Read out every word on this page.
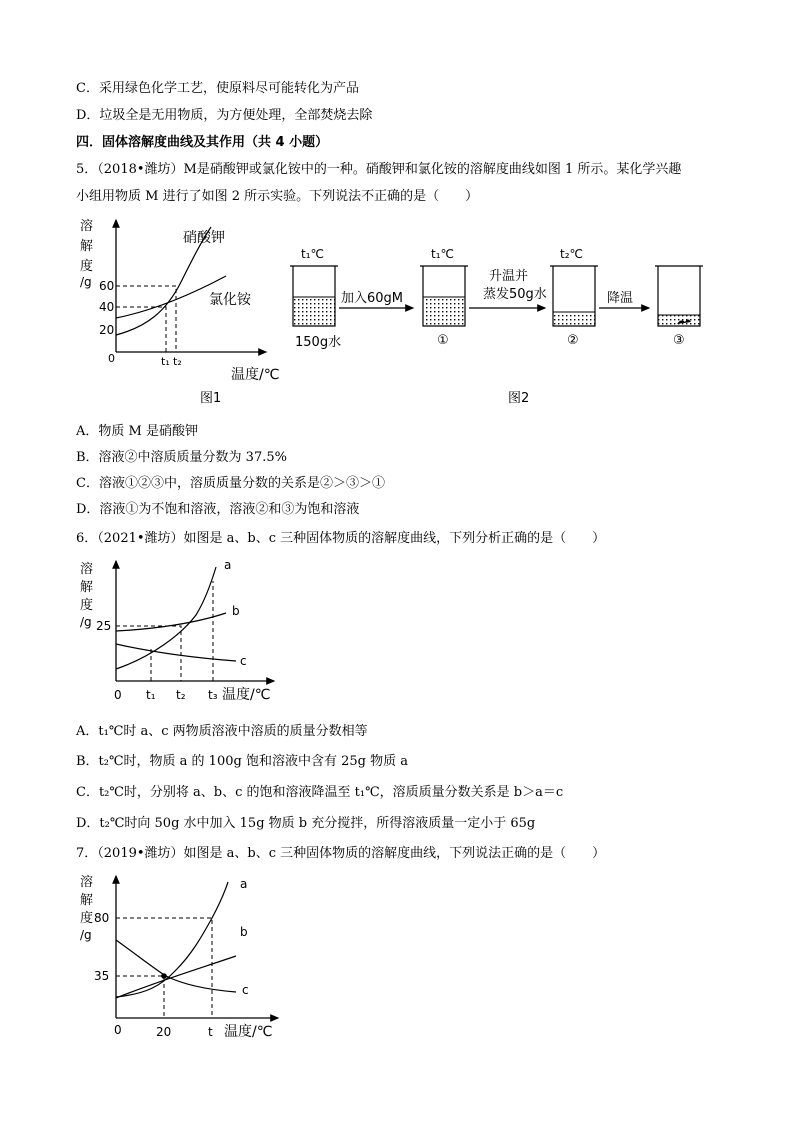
C．采用绿色化学工艺，使原料尽可能转化为产品
D．垃圾全是无用物质，为方便处理，全部焚烧去除
四．固体溶解度曲线及其作用（共 4 小题）
5．（2018•潍坊）M是硝酸钾或氯化铵中的一种。硝酸钾和氯化铵的溶解度曲线如图 1 所示。某化学兴趣
小组用物质 M 进行了如图 2 所示实验。下列说法不正确的是（　　）
溶
解
度
/g
硝酸钾
氯化铵
60
40
20
0	t₁ t₂
温度/℃
图1
t₁℃	t₁℃	t₂℃
加入60gM
升温并
蒸发50g水	降温
150g水	①	②	③
图2
A．物质 M 是硝酸钾
B．溶液②中溶质质量分数为 37.5%
C．溶液①②③中，溶质质量分数的关系是②＞③＞①
D．溶液①为不饱和溶液，溶液②和③为饱和溶液
6．（2021•潍坊）如图是 a、b、c 三种固体物质的溶解度曲线，下列分析正确的是（　　）
溶
解
度
/g
a
b
c
25
0 t₁ t₂ t₃ 温度/℃
A．t₁℃时 a、c 两物质溶液中溶质的质量分数相等
B．t₂℃时，物质 a 的 100g 饱和溶液中含有 25g 物质 a
C．t₂℃时，分别将 a、b、c 的饱和溶液降温至 t₁℃，溶质质量分数关系是 b＞a＝c
D．t₂℃时向 50g 水中加入 15g 物质 b 充分搅拌，所得溶液质量一定小于 65g
7．（2019•潍坊）如图是 a、b、c 三种固体物质的溶解度曲线，下列说法正确的是（　　）
溶
解
度
/g
a
b
c
80
35
0	20	t 温度/℃
